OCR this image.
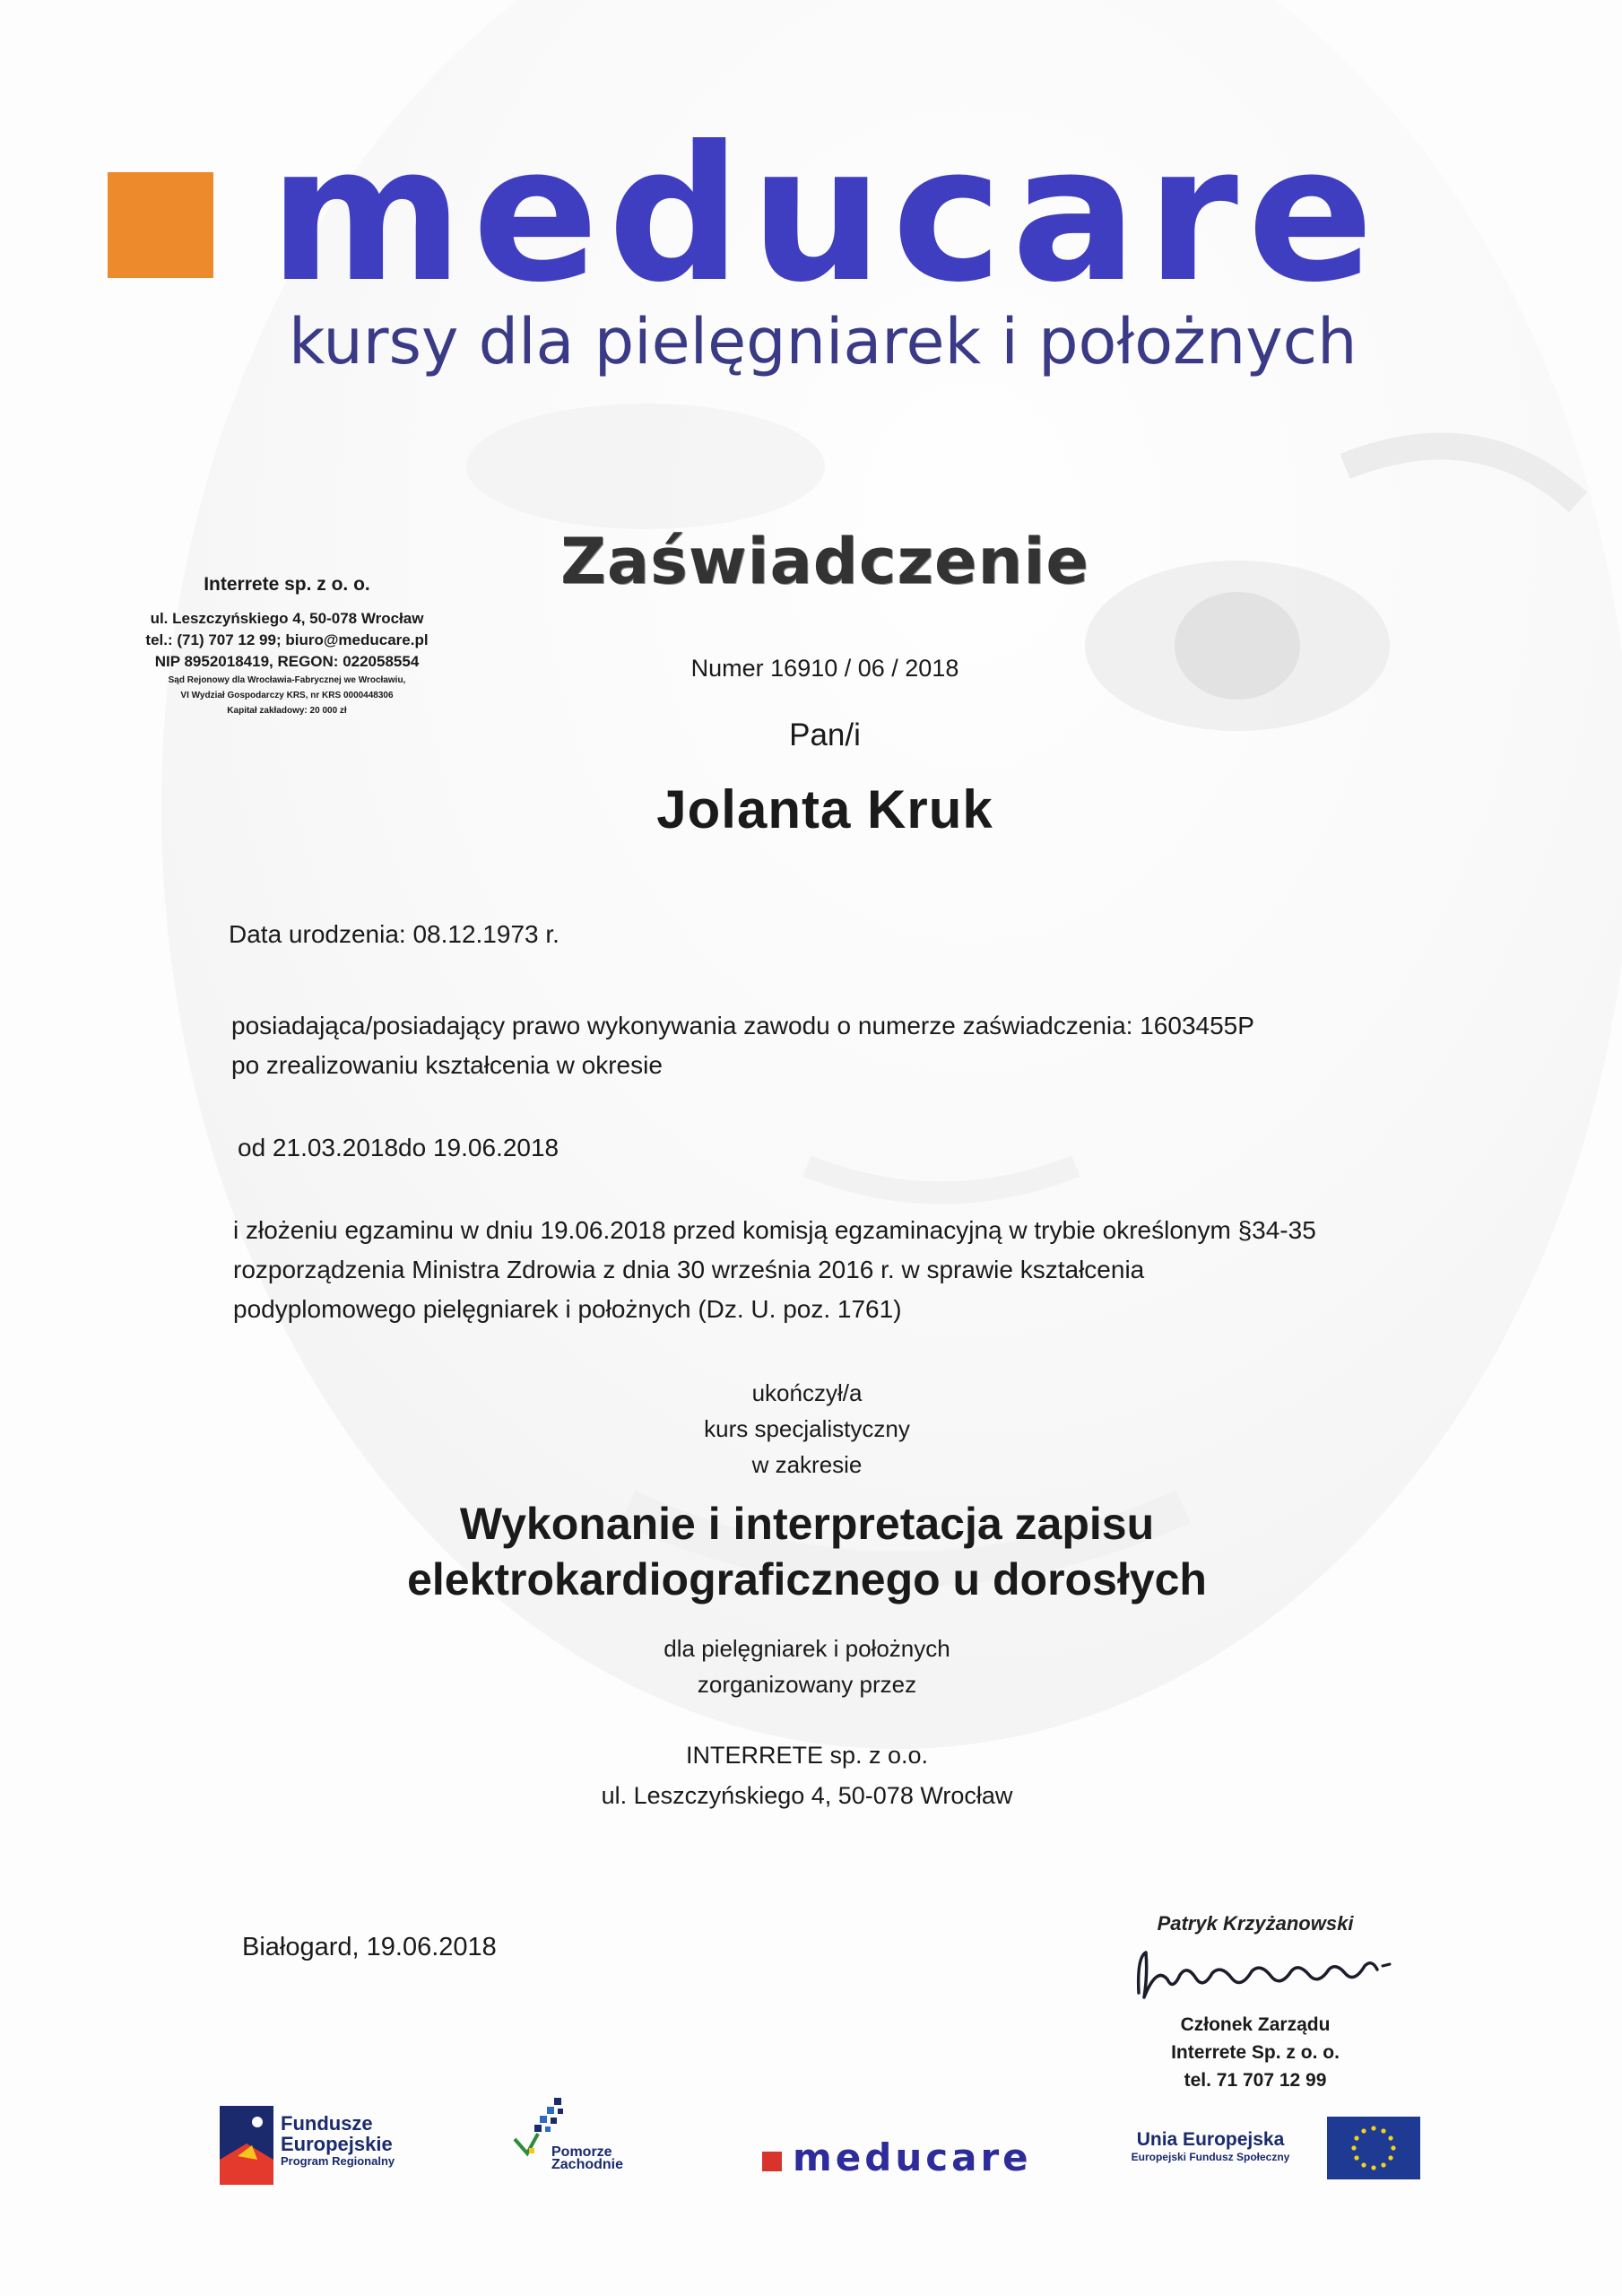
meducare
kursy dla pielęgniarek i położnych
Interrete sp. z o. o.
ul. Leszczyńskiego 4, 50-078 Wrocław
tel.: (71) 707 12 99; biuro@meducare.pl
NIP 8952018419, REGON: 022058554
Sąd Rejonowy dla Wrocławia-Fabrycznej we Wrocławiu,
VI Wydział Gospodarczy KRS, nr KRS 0000448306
Kapitał zakładowy: 20 000 zł
Zaświadczenie
Numer 16910 / 06 / 2018
Pan/i
Jolanta Kruk
Data urodzenia: 08.12.1973 r.
posiadająca/posiadający prawo wykonywania zawodu o numerze zaświadczenia: 1603455P
po zrealizowaniu kształcenia w okresie
od 21.03.2018do 19.06.2018
i złożeniu egzaminu w dniu 19.06.2018 przed komisją egzaminacyjną w trybie określonym §34-35
rozporządzenia Ministra Zdrowia z dnia 30 września 2016 r. w sprawie kształcenia
podyplomowego pielęgniarek i położnych (Dz. U. poz. 1761)
ukończył/a
kurs specjalistyczny
w zakresie
Wykonanie i interpretacja zapisu
elektrokardiograficznego u dorosłych
dla pielęgniarek i położnych
zorganizowany przez
INTERRETE sp. z o.o.
ul. Leszczyńskiego 4, 50-078 Wrocław
Białogard, 19.06.2018
Patryk Krzyżanowski
Członek Zarządu
Interrete Sp. z o. o.
tel. 71 707 12 99
Fundusze
Europejskie
Program Regionalny
Pomorze
Zachodnie	meducare	Unia Europejska
Europejski Fundusz Społeczny
